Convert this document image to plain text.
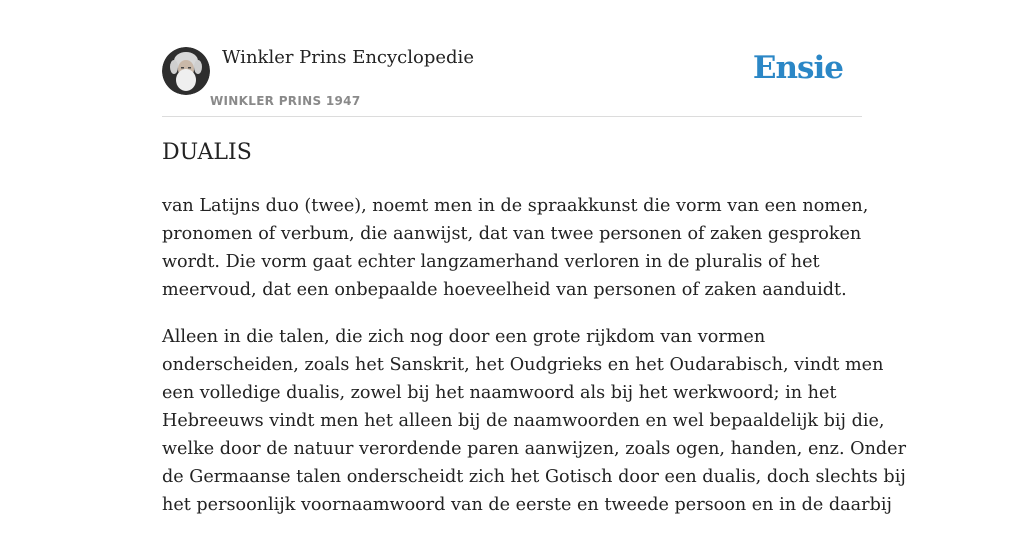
Winkler Prins Encyclopedie
WINKLER PRINS 1947
Ensie
DUALIS

van Latijns duo (twee), noemt men in de spraakkunst die vorm van een nomen,
pronomen of verbum, die aanwijst, dat van twee personen of zaken gesproken
wordt. Die vorm gaat echter langzamerhand verloren in de pluralis of het
meervoud, dat een onbepaalde hoeveelheid van personen of zaken aanduidt.

Alleen in die talen, die zich nog door een grote rijkdom van vormen
onderscheiden, zoals het Sanskrit, het Oudgrieks en het Oudarabisch, vindt men
een volledige dualis, zowel bij het naamwoord als bij het werkwoord; in het
Hebreeuws vindt men het alleen bij de naamwoorden en wel bepaaldelijk bij die,
welke door de natuur verordende paren aanwijzen, zoals ogen, handen, enz. Onder
de Germaanse talen onderscheidt zich het Gotisch door een dualis, doch slechts bij
het persoonlijk voornaamwoord van de eerste en tweede persoon en in de daarbij
